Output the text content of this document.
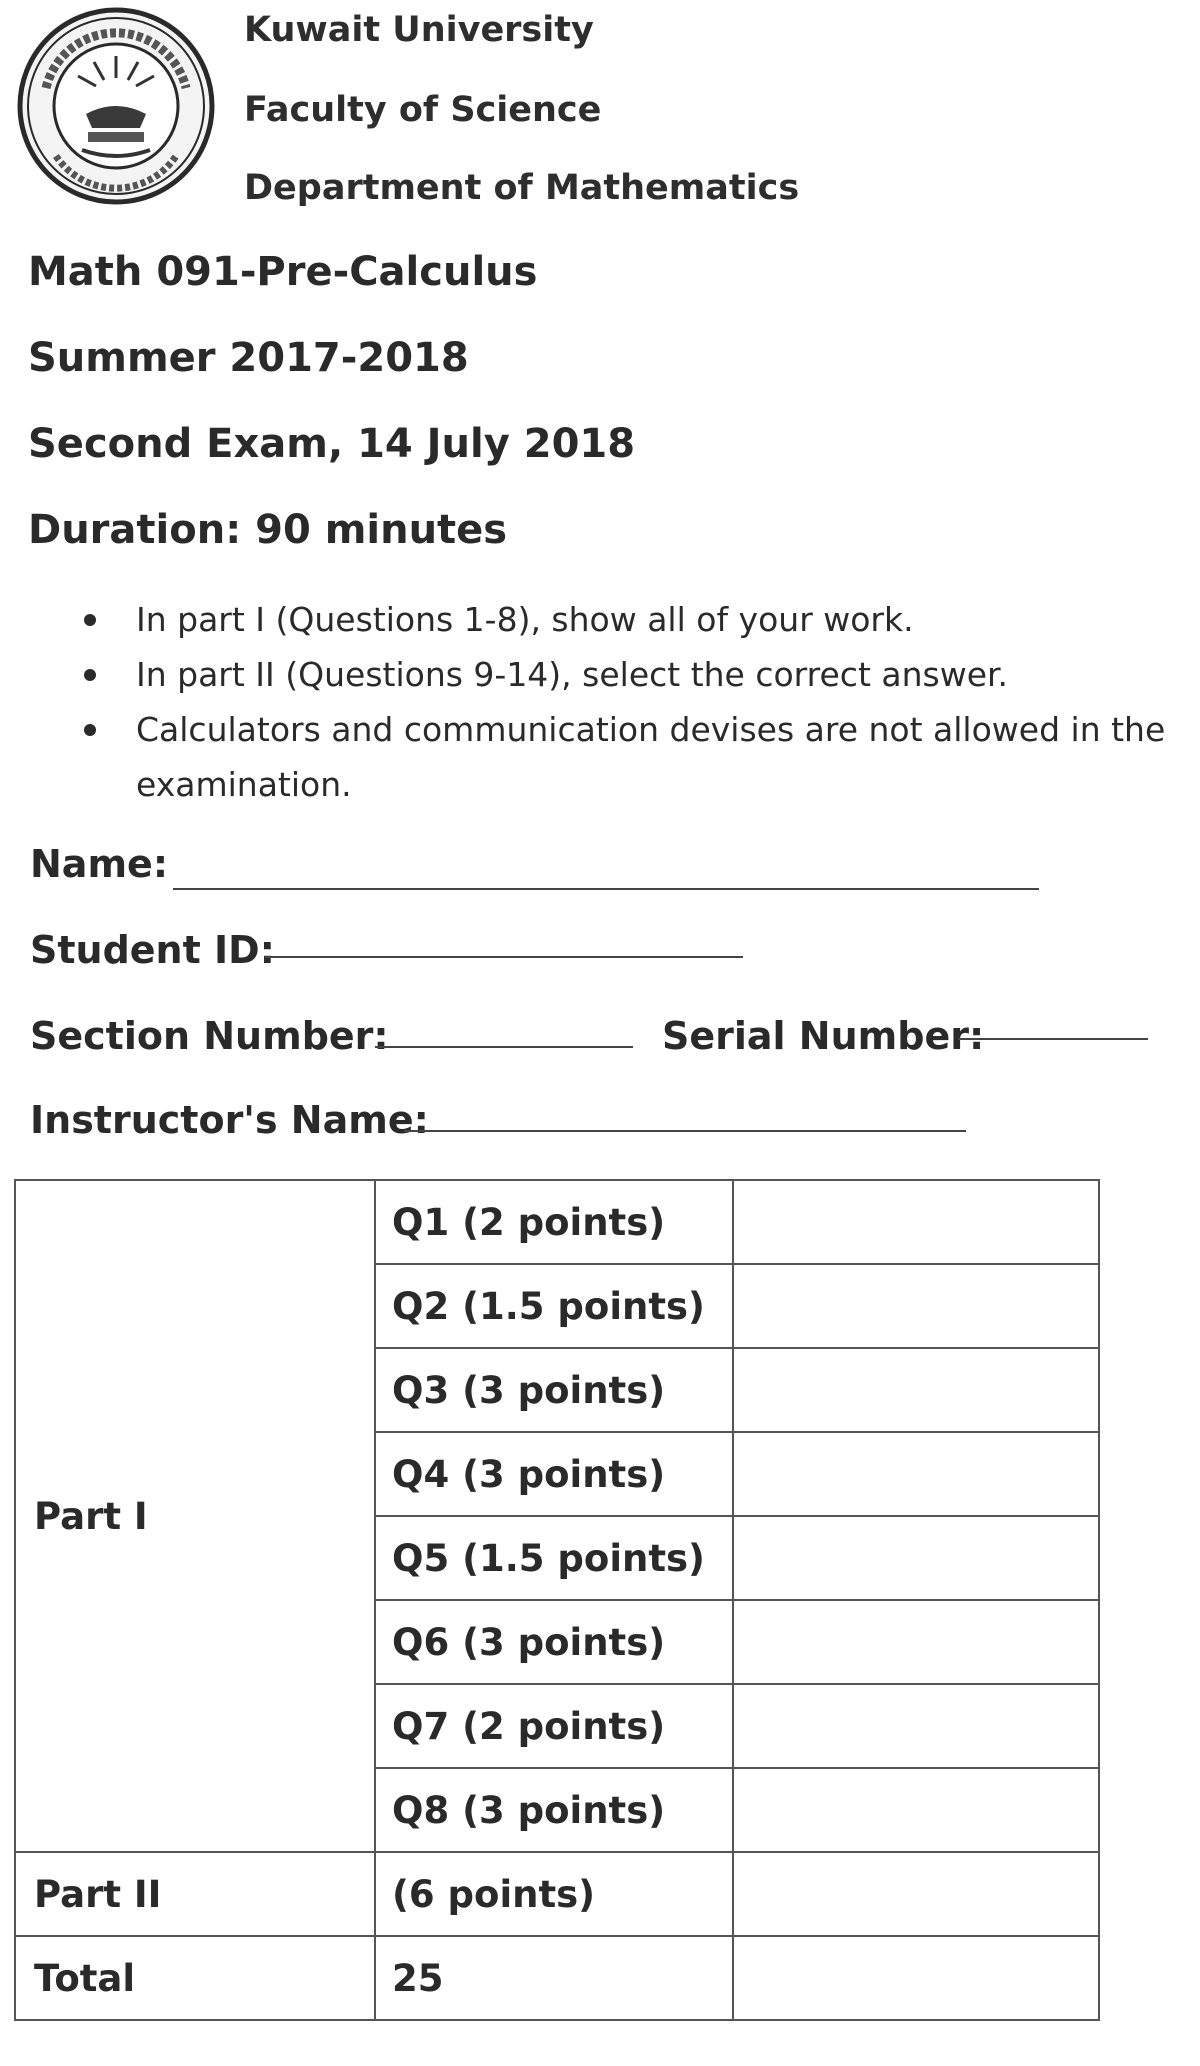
Kuwait University
Faculty of Science
Department of Mathematics
Math 091-Pre-Calculus
Summer 2017-2018
Second Exam, 14 July 2018
Duration: 90 minutes
In part I (Questions 1-8), show all of your work.
In part II (Questions 9-14), select the correct answer.
Calculators and communication devises are not allowed in the examination.
Name:
Student ID:
Section Number:	Serial Number:
Instructor's Name:
Part I	Q1 (2 points)	
	Q2 (1.5 points)	
	Q3 (3 points)	
	Q4 (3 points)	
	Q5 (1.5 points)	
	Q6 (3 points)	
	Q7 (2 points)	
	Q8 (3 points)	
Part II	(6 points)	
Total	25	
